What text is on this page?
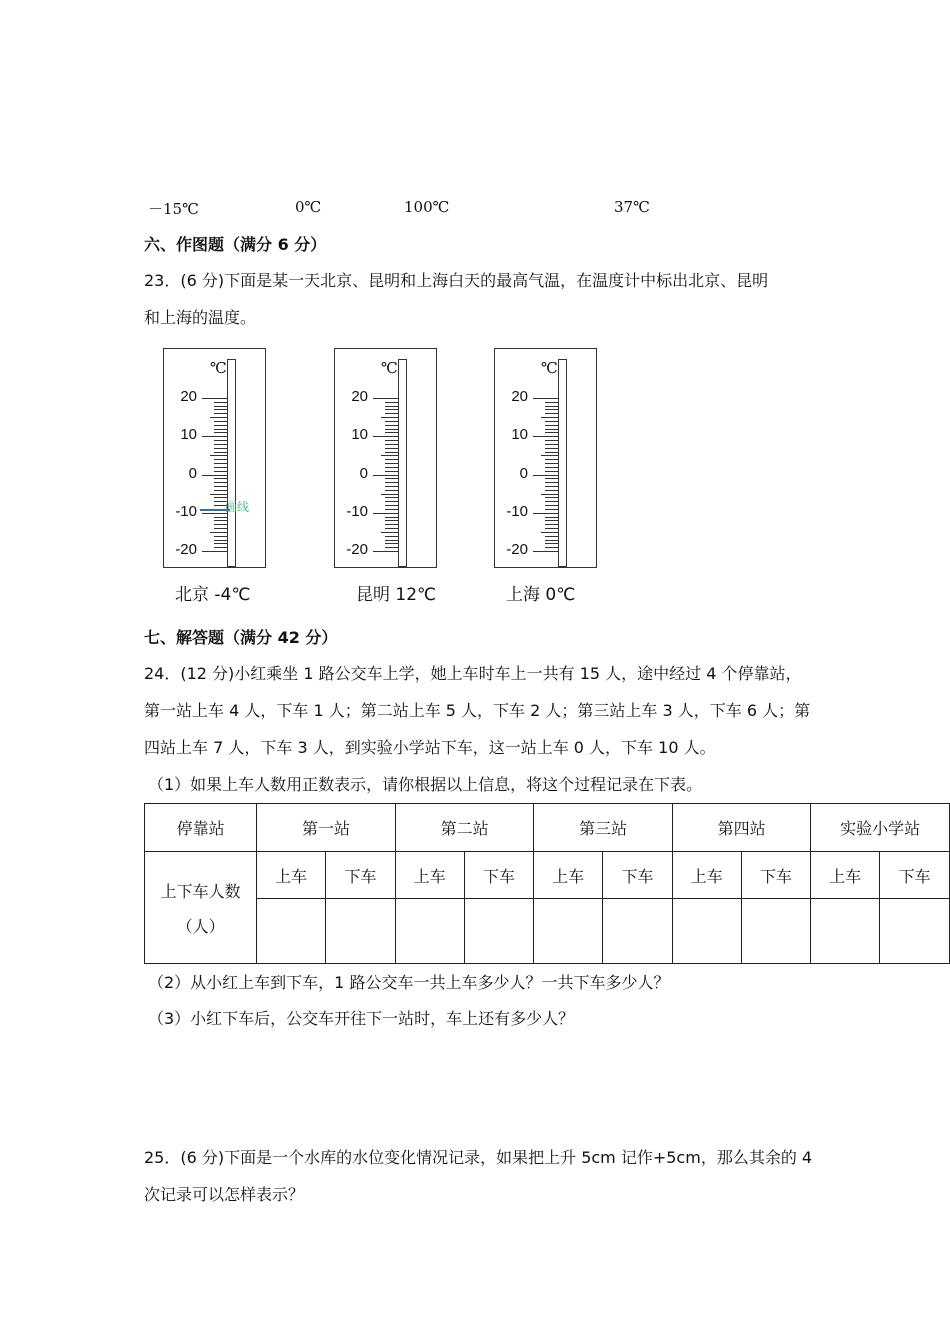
－15℃	0℃	100℃	37℃
六、作图题（满分 6 分）
23．(6 分)下面是某一天北京、昆明和上海白天的最高气温，在温度计中标出北京、昆明
和上海的温度。
℃
20
10
0
-10
-20
℃
20
10
0
-10
-20
℃
20
10
0
-10
-20
画线
北京 -4℃	昆明 12℃	上海 0℃
七、解答题（满分 42 分）
24．(12 分)小红乘坐 1 路公交车上学，她上车时车上一共有 15 人，途中经过 4 个停靠站，
第一站上车 4 人，下车 1 人；第二站上车 5 人，下车 2 人；第三站上车 3 人，下车 6 人；第
四站上车 7 人，下车 3 人，到实验小学站下车，这一站上车 0 人，下车 10 人。
（1）如果上车人数用正数表示，请你根据以上信息，将这个过程记录在下表。
停靠站	第一站		第二站		第三站		第四站		实验小学站	

上下车人数
（人）	上车	下车	上车	下车	上车	下车	上车	下车	上车	下车

（2）从小红上车到下车，1 路公交车一共上车多少人？一共下车多少人？
（3）小红下车后，公交车开往下一站时，车上还有多少人？
25．(6 分)下面是一个水库的水位变化情况记录，如果把上升 5cm 记作+5cm，那么其余的 4
次记录可以怎样表示？
